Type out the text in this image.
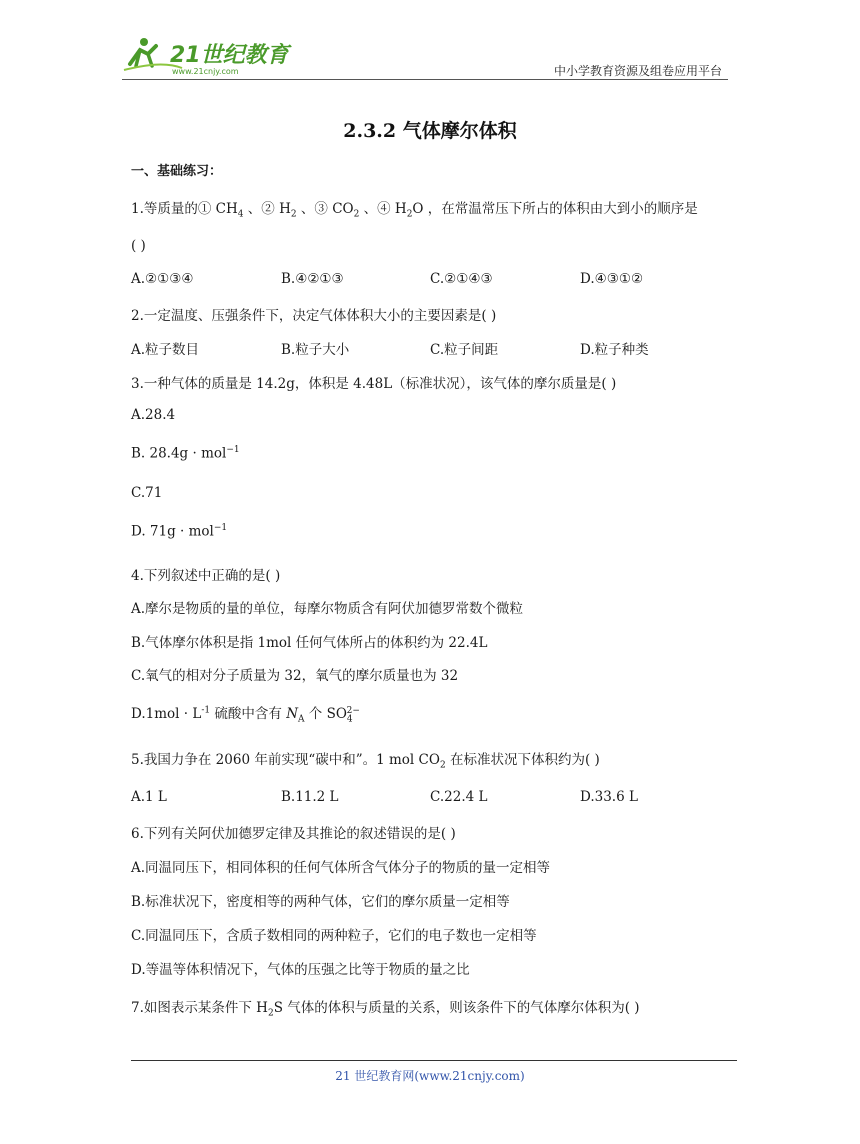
21世纪教育
www.21cnjy.com	中小学教育资源及组卷应用平台
2.3.2 气体摩尔体积
一、基础练习：
1.等质量的① $CH_4$ 、② $H_2$ 、③ $CO_2$ 、④ $H_2O$ ，在常温常压下所占的体积由大到小的顺序是
( )
A.②①③④	B.④②①③	C.②①④③	D.④③①②
2.一定温度、压强条件下，决定气体体积大小的主要因素是( )
A.粒子数目	B.粒子大小	C.粒子间距	D.粒子种类
3.一种气体的质量是 14.2g，体积是 4.48L（标准状况），该气体的摩尔质量是( )
A.28.4
B. 28.4g · mol$^{-1}$
C.71
D. 71g · mol$^{-1}$
4.下列叙述中正确的是( )
A.摩尔是物质的量的单位，每摩尔物质含有阿伏加德罗常数个微粒
B.气体摩尔体积是指 1mol 任何气体所占的体积约为 22.4L
C.氧气的相对分子质量为 32，氧气的摩尔质量也为 32
$D.1mol \cdot L^{-1}$ 硫酸中含有 $N_A$ 个 $SO_4^{2-}$
5.我国力争在 2060 年前实现“碳中和”。1 mol $CO_2$ 在标准状况下体积约为( )
A.1 L	B.11.2 L	C.22.4 L	D.33.6 L
6.下列有关阿伏加德罗定律及其推论的叙述错误的是( )
A.同温同压下，相同体积的任何气体所含气体分子的物质的量一定相等
B.标准状况下，密度相等的两种气体，它们的摩尔质量一定相等
C.同温同压下，含质子数相同的两种粒子，它们的电子数也一定相等
D.等温等体积情况下，气体的压强之比等于物质的量之比
7.如图表示某条件下 $H_2S$ 气体的体积与质量的关系，则该条件下的气体摩尔体积为( )
21 世纪教育网(www.21cnjy.com)
